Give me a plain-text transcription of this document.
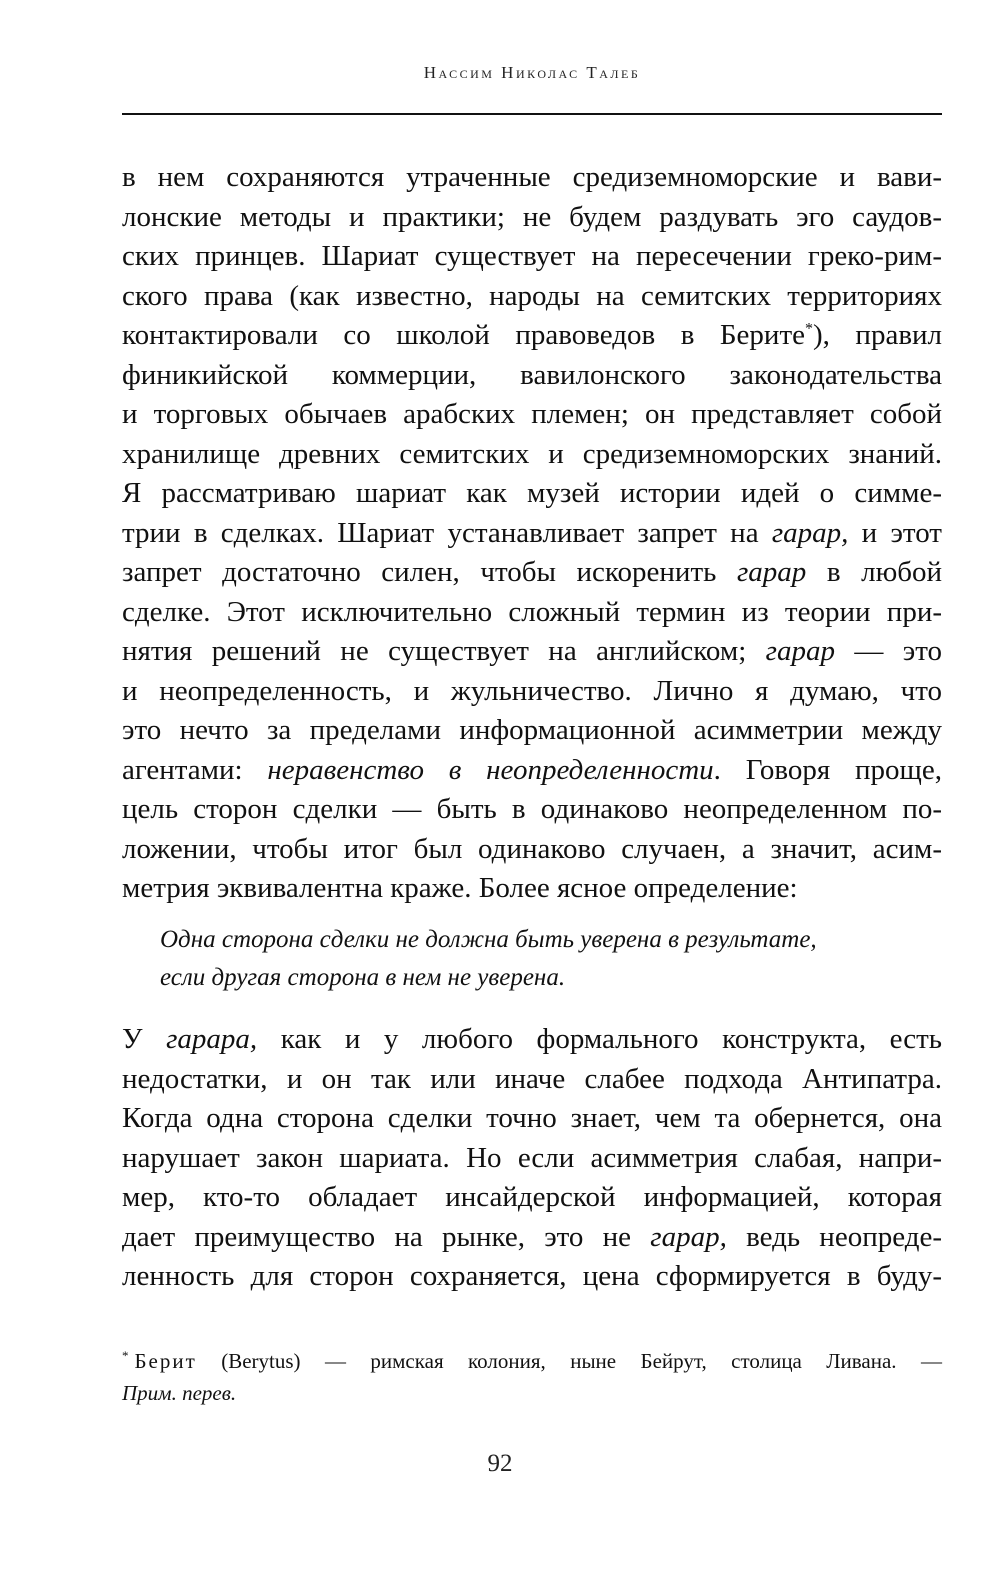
Нассим Николас Талеб

в нем сохраняются утраченные средиземноморские и вави-
лонские методы и практики; не будем раздувать эго саудов-
ских принцев. Шариат существует на пересечении греко-рим-
ского права (как известно, народы на семитских территориях
контактировали со школой правоведов в Берите*), правил
финикийской коммерции, вавилонского законодательства
и торговых обычаев арабских племен; он представляет собой
хранилище древних семитских и средиземноморских знаний.
Я рассматриваю шариат как музей истории идей о симме-
трии в сделках. Шариат устанавливает запрет на гарар, и этот
запрет достаточно силен, чтобы искоренить гарар в любой
сделке. Этот исключительно сложный термин из теории при-
нятия решений не существует на английском; гарар — это
и неопределенность, и жульничество. Лично я думаю, что
это нечто за пределами информационной асимметрии между
агентами: неравенство в неопределенности. Говоря проще,
цель сторон сделки — быть в одинаково неопределенном по-
ложении, чтобы итог был одинаково случаен, а значит, асим-
метрия эквивалентна краже. Более ясное определение:

Одна сторона сделки не должна быть уверена в результате,
если другая сторона в нем не уверена.

У гарара, как и у любого формального конструкта, есть
недостатки, и он так или иначе слабее подхода Антипатра.
Когда одна сторона сделки точно знает, чем та обернется, она
нарушает закон шариата. Но если асимметрия слабая, напри-
мер, кто-то обладает инсайдерской информацией, которая
дает преимущество на рынке, это не гарар, ведь неопреде-
ленность для сторон сохраняется, цена сформируется в буду-

* Берит (Berytus) — римская колония, ныне Бейрут, столица Ливана. —
Прим. перев.

92
